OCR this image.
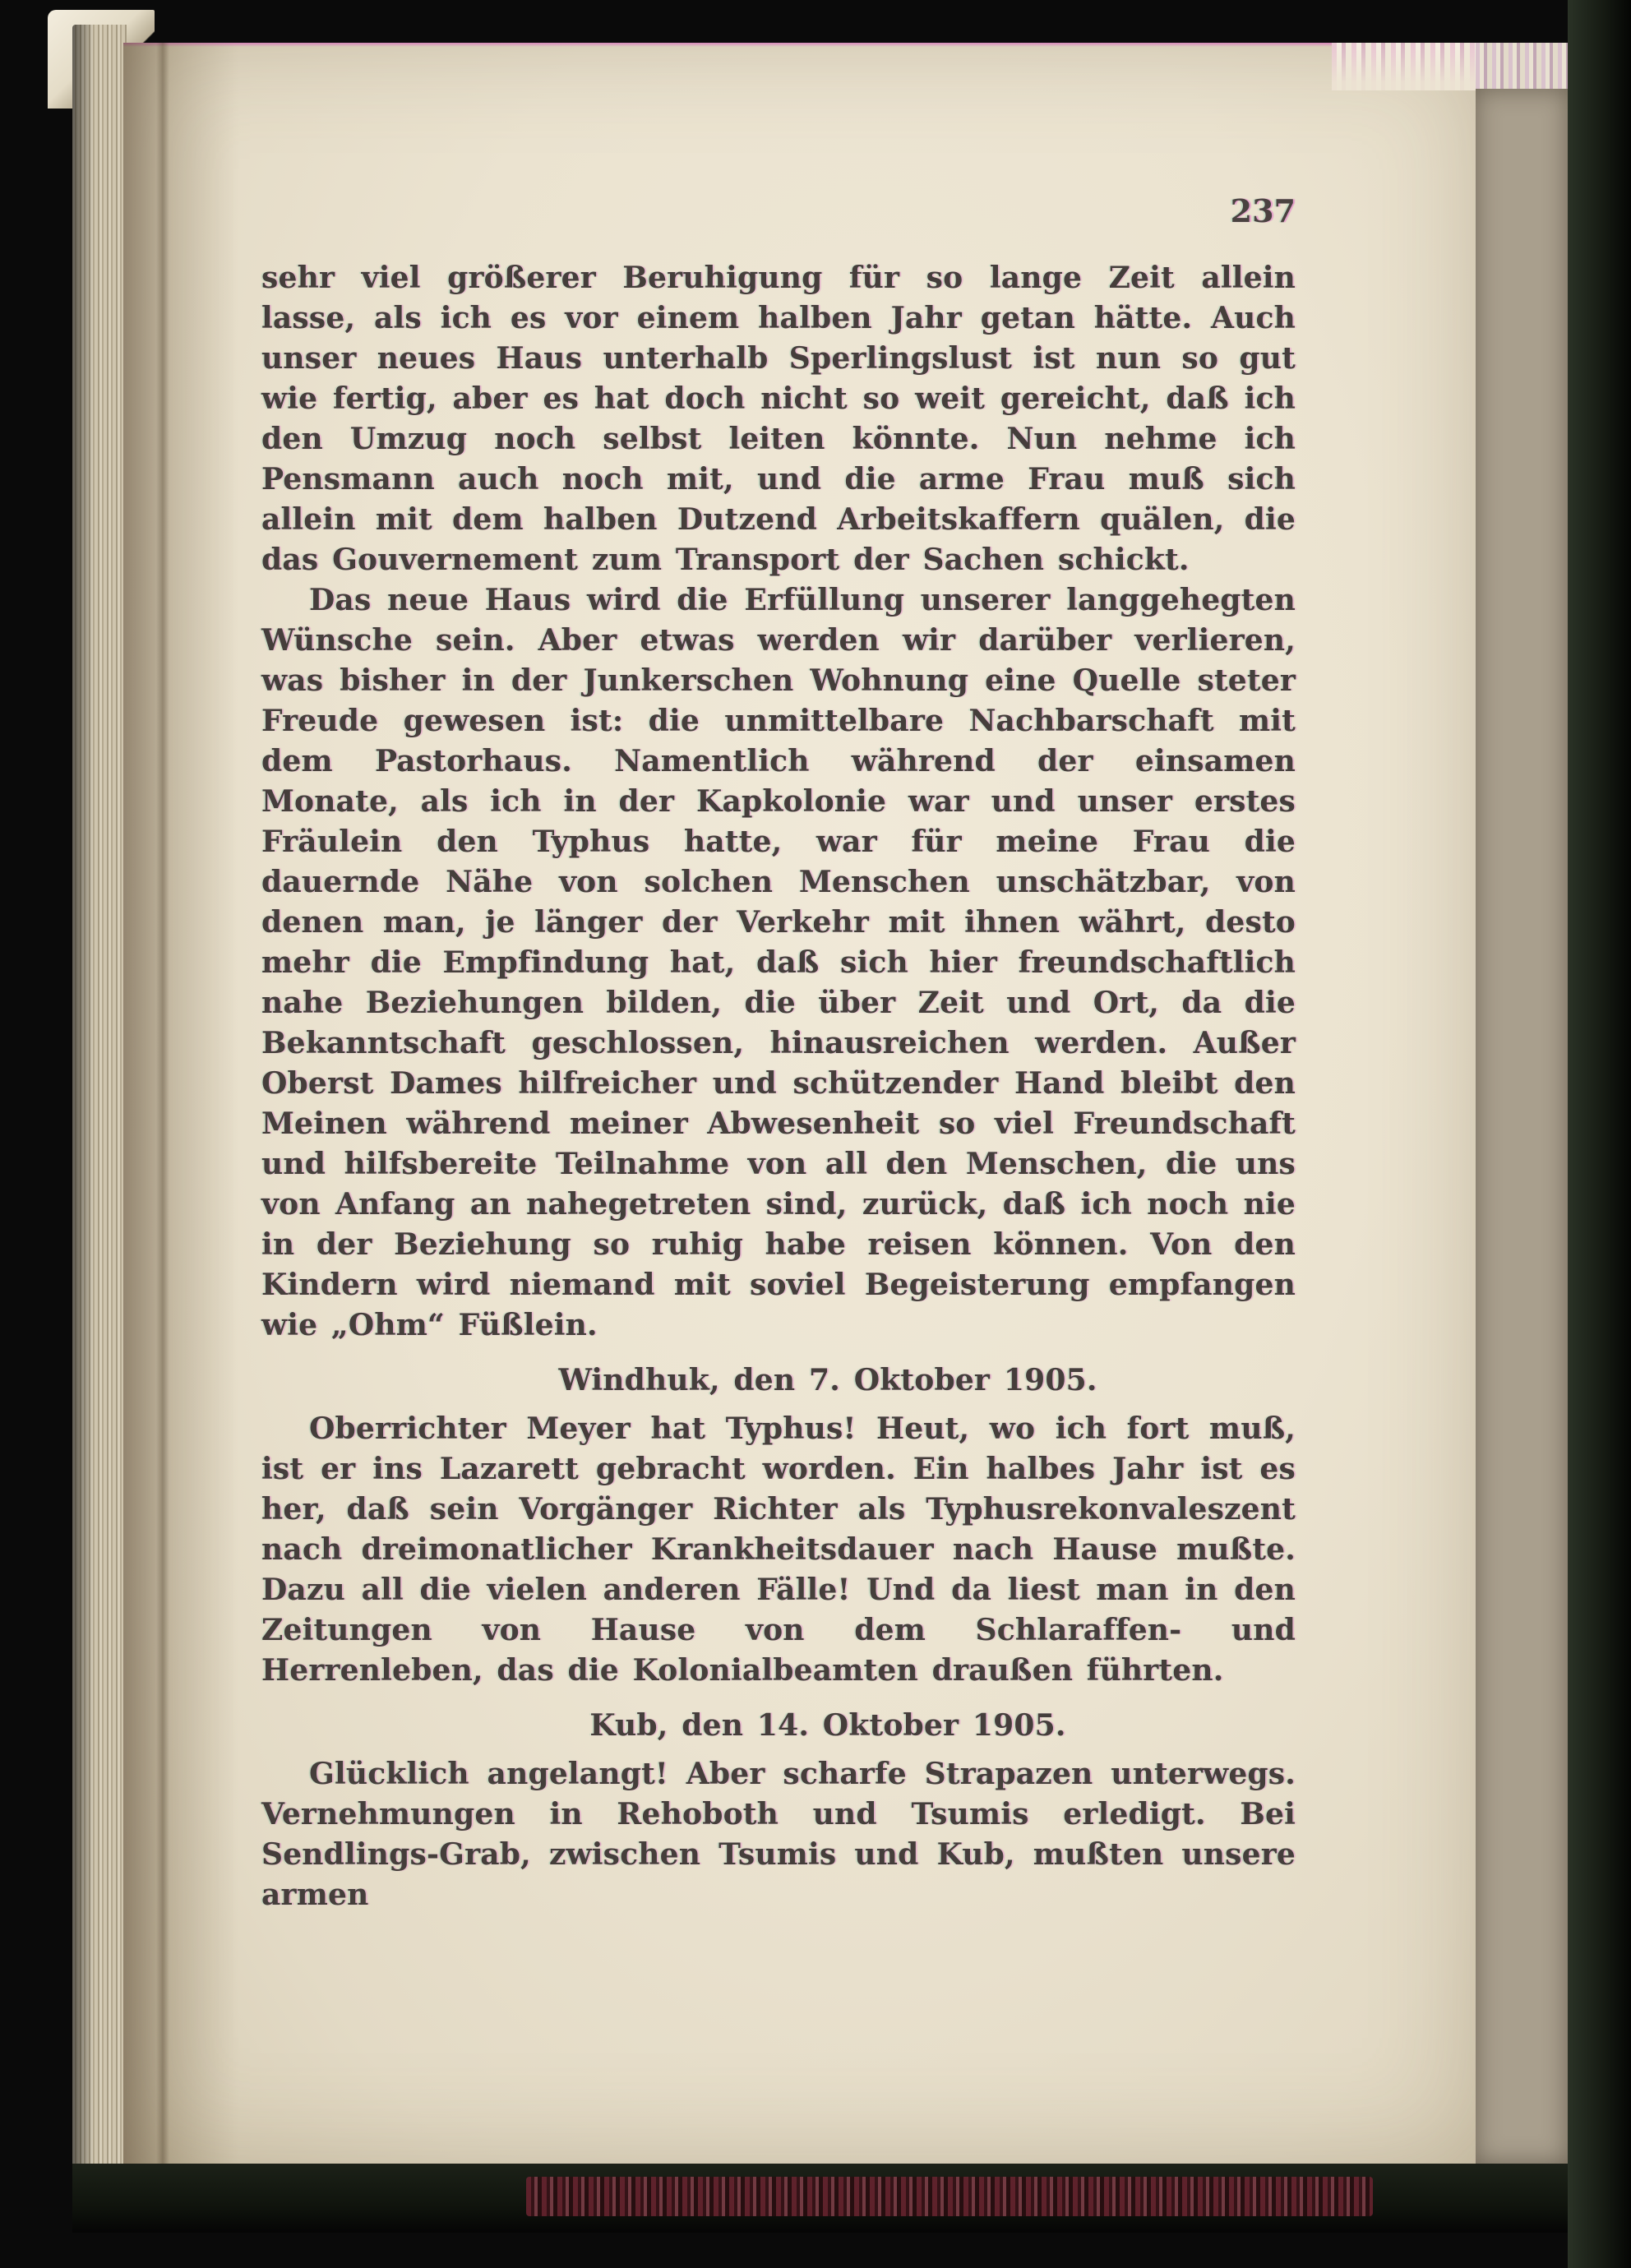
237

sehr viel größerer Beruhigung für so lange Zeit allein lasse, als ich es vor einem halben Jahr getan hätte. Auch unser neues Haus unterhalb Sperlingslust ist nun so gut wie fertig, aber es hat doch nicht so weit gereicht, daß ich den Umzug noch selbst leiten könnte. Nun nehme ich Pensmann auch noch mit, und die arme Frau muß sich allein mit dem halben Dutzend Arbeitskaffern quälen, die das Gouvernement zum Transport der Sachen schickt.

Das neue Haus wird die Erfüllung unserer langgehegten Wünsche sein. Aber etwas werden wir darüber verlieren, was bisher in der Junkerschen Wohnung eine Quelle steter Freude gewesen ist: die unmittelbare Nachbarschaft mit dem Pastorhaus. Namentlich während der einsamen Monate, als ich in der Kapkolonie war und unser erstes Fräulein den Typhus hatte, war für meine Frau die dauernde Nähe von solchen Menschen unschätzbar, von denen man, je länger der Verkehr mit ihnen währt, desto mehr die Empfindung hat, daß sich hier freundschaftlich nahe Beziehungen bilden, die über Zeit und Ort, da die Bekanntschaft geschlossen, hinausreichen werden. Außer Oberst Dames hilfreicher und schützender Hand bleibt den Meinen während meiner Abwesenheit so viel Freundschaft und hilfsbereite Teilnahme von all den Menschen, die uns von Anfang an nahegetreten sind, zurück, daß ich noch nie in der Beziehung so ruhig habe reisen können. Von den Kindern wird niemand mit soviel Begeisterung empfangen wie „Ohm“ Füßlein.

Windhuk, den 7. Oktober 1905.

Oberrichter Meyer hat Typhus! Heut, wo ich fort muß, ist er ins Lazarett gebracht worden. Ein halbes Jahr ist es her, daß sein Vorgänger Richter als Typhusrekonvaleszent nach dreimonatlicher Krankheitsdauer nach Hause mußte. Dazu all die vielen anderen Fälle! Und da liest man in den Zeitungen von Hause von dem Schlaraffen- und Herrenleben, das die Kolonialbeamten draußen führten.

Kub, den 14. Oktober 1905.

Glücklich angelangt! Aber scharfe Strapazen unterwegs. Vernehmungen in Rehoboth und Tsumis erledigt. Bei Sendlings-Grab, zwischen Tsumis und Kub, mußten unsere armen
